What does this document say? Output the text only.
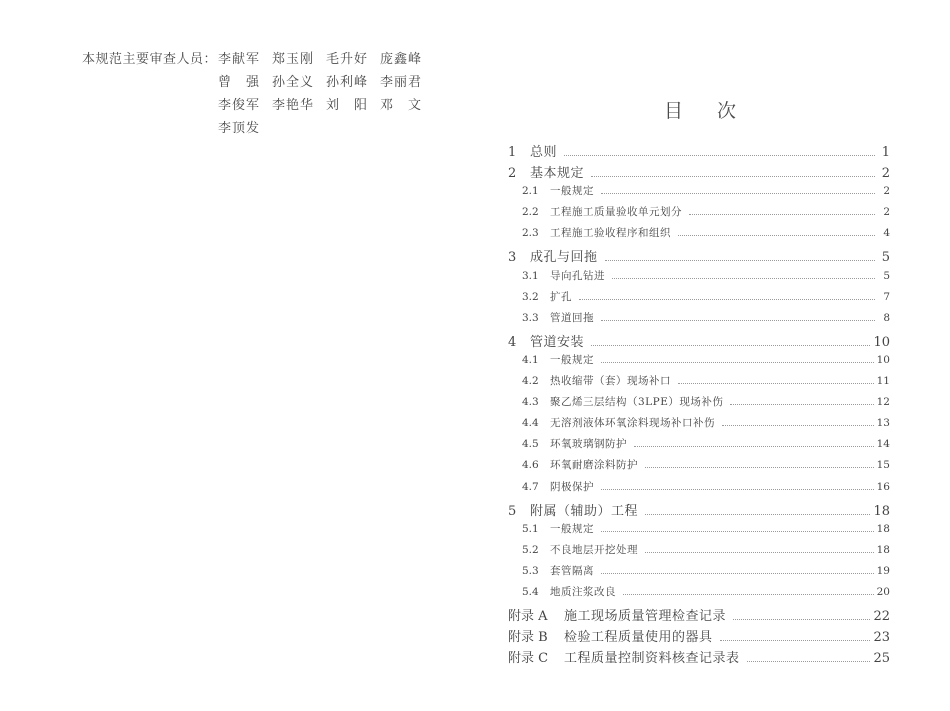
本规范主要审查人员： 李献军 郑玉刚 毛升好 庞鑫峰
曾　强 孙全义 孙利峰 李丽君
李俊军 李艳华 刘　阳 邓　文
李顶发
目次
1	总则	1
2	基本规定	2
2.1	一般规定	2
2.2	工程施工质量验收单元划分	2
2.3	工程施工验收程序和组织	4
3	成孔与回拖	5
3.1	导向孔钻进	5
3.2	扩孔	7
3.3	管道回拖	8
4	管道安装	10
4.1	一般规定	10
4.2	热收缩带（套）现场补口	11
4.3	聚乙烯三层结构（3LPE）现场补伤	12
4.4	无溶剂液体环氧涂料现场补口补伤	13
4.5	环氧玻璃钢防护	14
4.6	环氧耐磨涂料防护	15
4.7	阴极保护	16
5	附属（辅助）工程	18
5.1	一般规定	18
5.2	不良地层开挖处理	18
5.3	套管隔离	19
5.4	地质注浆改良	20
附录 A	施工现场质量管理检查记录	22
附录 B	检验工程质量使用的器具	23
附录 C	工程质量控制资料核查记录表	25
